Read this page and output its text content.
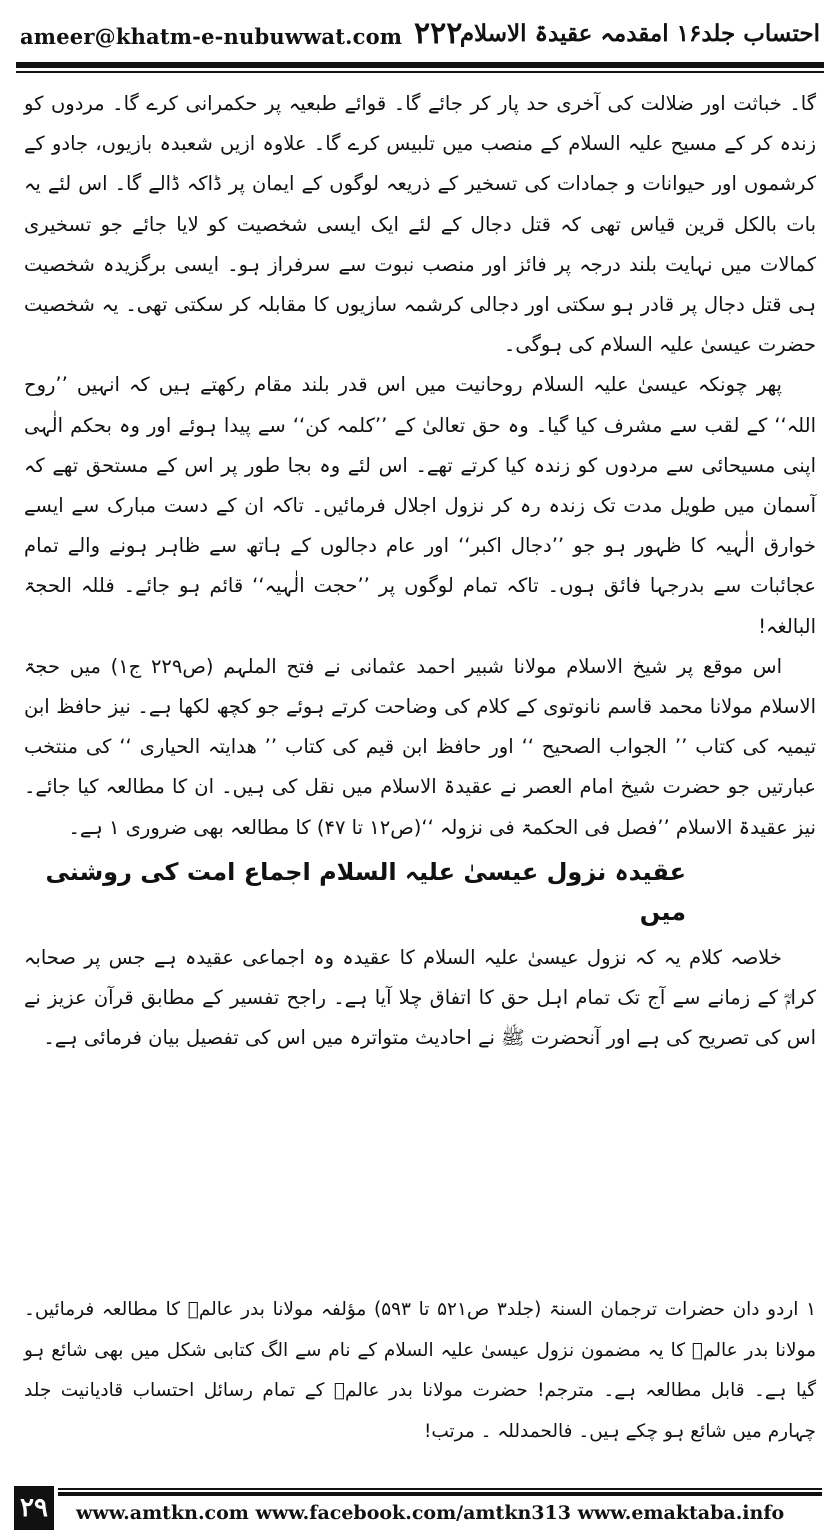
ameer@khatm-e-nubuwwat.com ۲۲۲
احتساب جلد۱۶ امقدمہ عقیدۃ الاسلام

گا۔ خباثت اور ضلالت کی آخری حد پار کر جائے گا۔ قوائے طبعیہ پر حکمرانی کرے گا۔ مردوں کو زندہ کر کے مسیح علیہ السلام کے منصب میں تلبیس کرے گا۔ علاوہ ازیں شعبدہ بازیوں، جادو کے کرشموں اور حیوانات و جمادات کی تسخیر کے ذریعہ لوگوں کے ایمان پر ڈاکہ ڈالے گا۔ اس لئے یہ بات بالکل قرین قیاس تھی کہ قتل دجال کے لئے ایک ایسی شخصیت کو لایا جائے جو تسخیری کمالات میں نہایت بلند درجہ پر فائز اور منصب نبوت سے سرفراز ہو۔ ایسی برگزیدہ شخصیت ہی قتل دجال پر قادر ہو سکتی اور دجالی کرشمہ سازیوں کا مقابلہ کر سکتی تھی۔ یہ شخصیت حضرت عیسیٰ علیہ السلام کی ہوگی۔

پھر چونکہ عیسیٰ علیہ السلام روحانیت میں اس قدر بلند مقام رکھتے ہیں کہ انہیں ’’روح اللہ‘‘ کے لقب سے مشرف کیا گیا۔ وہ حق تعالیٰ کے ’’کلمہ کن‘‘ سے پیدا ہوئے اور وہ بحکم الٰہی اپنی مسیحائی سے مردوں کو زندہ کیا کرتے تھے۔ اس لئے وہ بجا طور پر اس کے مستحق تھے کہ آسمان میں طویل مدت تک زندہ رہ کر نزول اجلال فرمائیں۔ تاکہ ان کے دست مبارک سے ایسے خوارق الٰہیہ کا ظہور ہو جو ’’دجال اکبر‘‘ اور عام دجالوں کے ہاتھ سے ظاہر ہونے والے تمام عجائبات سے بدرجہا فائق ہوں۔ تاکہ تمام لوگوں پر ’’حجت الٰہیہ‘‘ قائم ہو جائے۔ فللہ الحجۃ البالغہ!

اس موقع پر شیخ الاسلام مولانا شبیر احمد عثمانی نے فتح الملہم (ص۲۲۹ ج۱) میں حجۃ الاسلام مولانا محمد قاسم نانوتوی کے کلام کی وضاحت کرتے ہوئے جو کچھ لکھا ہے۔ نیز حافظ ابن تیمیہ کی کتاب ’’ الجواب الصحیح ‘‘ اور حافظ ابن قیم کی کتاب ’’ ھدایتہ الحیاری ‘‘ کی منتخب عبارتیں جو حضرت شیخ امام العصر نے عقیدۃ الاسلام میں نقل کی ہیں۔ ان کا مطالعہ کیا جائے۔ نیز عقیدۃ الاسلام ’’فصل فی الحکمۃ فی نزولہ ‘‘(ص۱۲ تا ۴۷) کا مطالعہ بھی ضروری ۱ ہے۔

عقیدہ نزول عیسیٰ علیہ السلام اجماع امت کی روشنی میں

خلاصہ کلام یہ کہ نزول عیسیٰ علیہ السلام کا عقیدہ وہ اجماعی عقیدہ ہے جس پر صحابہ کرامؓ کے زمانے سے آج تک تمام اہل حق کا اتفاق چلا آیا ہے۔ راجح تفسیر کے مطابق قرآن عزیز نے اس کی تصریح کی ہے اور آنحضرت ﷺ نے احادیث متواترہ میں اس کی تفصیل بیان فرمائی ہے۔

۱ اردو دان حضرات ترجمان السنۃ (جلد۳ ص۵۲۱ تا ۵۹۳) مؤلفہ مولانا بدر عالمؒ کا مطالعہ فرمائیں۔ مولانا بدر عالمؒ کا یہ مضمون نزول عیسیٰ علیہ السلام کے نام سے الگ کتابی شکل میں بھی شائع ہو گیا ہے۔ قابل مطالعہ ہے۔ مترجم! حضرت مولانا بدر عالمؒ کے تمام رسائل احتساب قادیانیت جلد چہارم میں شائع ہو چکے ہیں۔ فالحمدللہ ۔ مرتب!

۲۹	www.amtkn.com www.facebook.com/amtkn313 www.emaktaba.info
